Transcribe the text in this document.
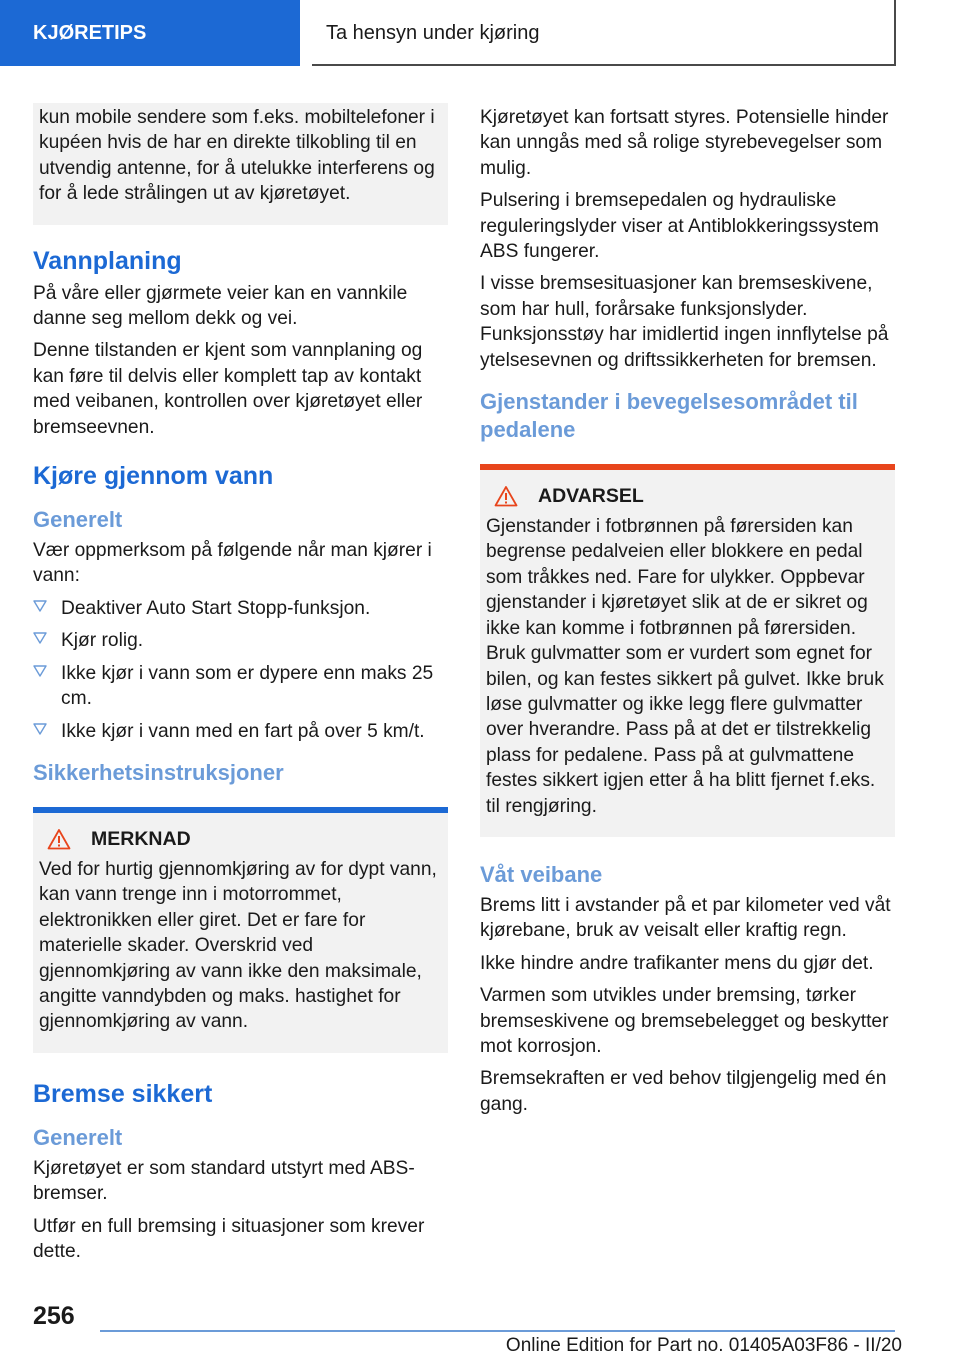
KJØRETIPS	Ta hensyn under kjøring

kun mobile sendere som f.eks. mobiltelefoner i kupéen hvis de har en direkte tilkobling til en utvendig antenne, for å utelukke interferens og for å lede strålingen ut av kjøretøyet.

Vannplaning

På våre eller gjørmete veier kan en vannkile danne seg mellom dekk og vei.

Denne tilstanden er kjent som vannplaning og kan føre til delvis eller komplett tap av kontakt med veibanen, kontrollen over kjøretøyet eller bremseevnen.

Kjøre gjennom vann
Generelt

Vær oppmerksom på følgende når man kjører i vann:

Deaktiver Auto Start Stopp-funksjon.
Kjør rolig.
Ikke kjør i vann som er dypere enn maks 25 cm.
Ikke kjør i vann med en fart på over 5 km/t.
Sikkerhetsinstruksjoner
MERKNAD

Ved for hurtig gjennomkjøring av for dypt vann, kan vann trenge inn i motorrommet, elektronikken eller giret. Det er fare for materielle skader. Overskrid ved gjennomkjøring av vann ikke den maksimale, angitte vanndybden og maks. hastighet for gjennomkjøring av vann.

Bremse sikkert
Generelt

Kjøretøyet er som standard utstyrt med ABS-bremser.

Utfør en full bremsing i situasjoner som krever dette.

Kjøretøyet kan fortsatt styres. Potensielle hinder kan unngås med så rolige styrebevegelser som mulig.

Pulsering i bremsepedalen og hydrauliske reguleringslyder viser at Antiblokkeringssystem ABS fungerer.

I visse bremsesituasjoner kan bremseskivene, som har hull, forårsake funksjonslyder. Funksjonsstøy har imidlertid ingen innflytelse på ytelsesevnen og driftssikkerheten for bremsen.

Gjenstander i bevegelsesområdet til pedalene
ADVARSEL

Gjenstander i fotbrønnen på førersiden kan begrense pedalveien eller blokkere en pedal som tråkkes ned. Fare for ulykker. Oppbevar gjenstander i kjøretøyet slik at de er sikret og ikke kan komme i fotbrønnen på førersiden. Bruk gulvmatter som er vurdert som egnet for bilen, og kan festes sikkert på gulvet. Ikke bruk løse gulvmatter og ikke legg flere gulvmatter over hverandre. Pass på at det er tilstrekkelig plass for pedalene. Pass på at gulvmattene festes sikkert igjen etter å ha blitt fjernet f.eks. til rengjøring.

Våt veibane

Brems litt i avstander på et par kilometer ved våt kjørebane, bruk av veisalt eller kraftig regn.

Ikke hindre andre trafikanter mens du gjør det.

Varmen som utvikles under bremsing, tørker bremseskivene og bremsebelegget og beskytter mot korrosjon.

Bremsekraften er ved behov tilgjengelig med én gang.

256
Online Edition for Part no. 01405A03F86 - II/20
